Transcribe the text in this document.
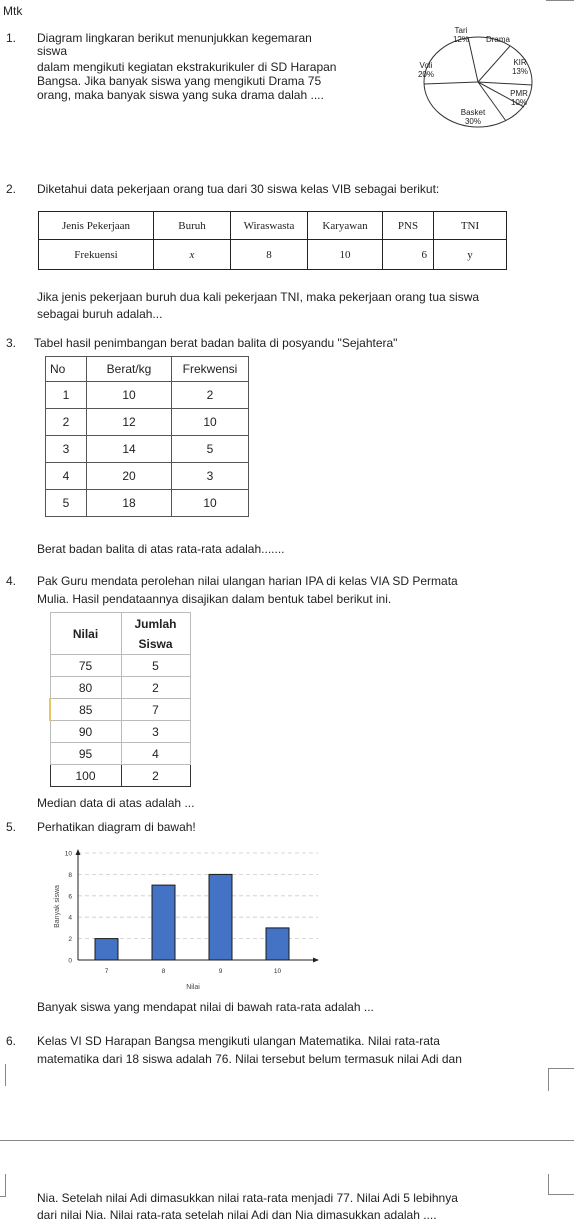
Mtk
1. Diagram lingkaran berikut menunjukkan kegemaran
siswa
dalam mengikuti kegiatan ekstrakurikuler di SD Harapan
Bangsa. Jika banyak siswa yang mengikuti Drama 75
orang, maka banyak siswa yang suka drama dalah ....
Tari
12%	Drama
KIR
13%
PMR
10%
Basket
30%
Voli
20%
2. Diketahui data pekerjaan orang tua dari 30 siswa kelas VIB sebagai berikut:
Jenis Pekerjaan	Buruh	Wiraswasta	Karyawan	PNS	TNI
Frekuensi	x	8	10	6	y
Jika jenis pekerjaan buruh dua kali pekerjaan TNI, maka pekerjaan orang tua siswa
sebagai buruh adalah...
3. Tabel hasil penimbangan berat badan balita di posyandu "Sejahtera"
No	Berat/kg	Frekwensi
1	10	2
2	12	10
3	14	5
4	20	3
5	18	10
Berat badan balita di atas rata-rata adalah.......
4. Pak Guru mendata perolehan nilai ulangan harian IPA di kelas VIA SD Permata
Mulia. Hasil pendataannya disajikan dalam bentuk tabel berikut ini.
Nilai	Jumlah
Siswa

75	5
80	2
85	7
90	3
95	4
100	2
Median data di atas adalah ...
5. Perhatikan diagram di bawah!
0
2
4
6
8
10
7	8	9	10
Nilai
Banyak siswa
Banyak siswa yang mendapat nilai di bawah rata-rata adalah ...
6. Kelas VI SD Harapan Bangsa mengikuti ulangan Matematika. Nilai rata-rata
matematika dari 18 siswa adalah 76. Nilai tersebut belum termasuk nilai Adi dan
Nia. Setelah nilai Adi dimasukkan nilai rata-rata menjadi 77. Nilai Adi 5 lebihnya
dari nilai Nia. Nilai rata-rata setelah nilai Adi dan Nia dimasukkan adalah ....
